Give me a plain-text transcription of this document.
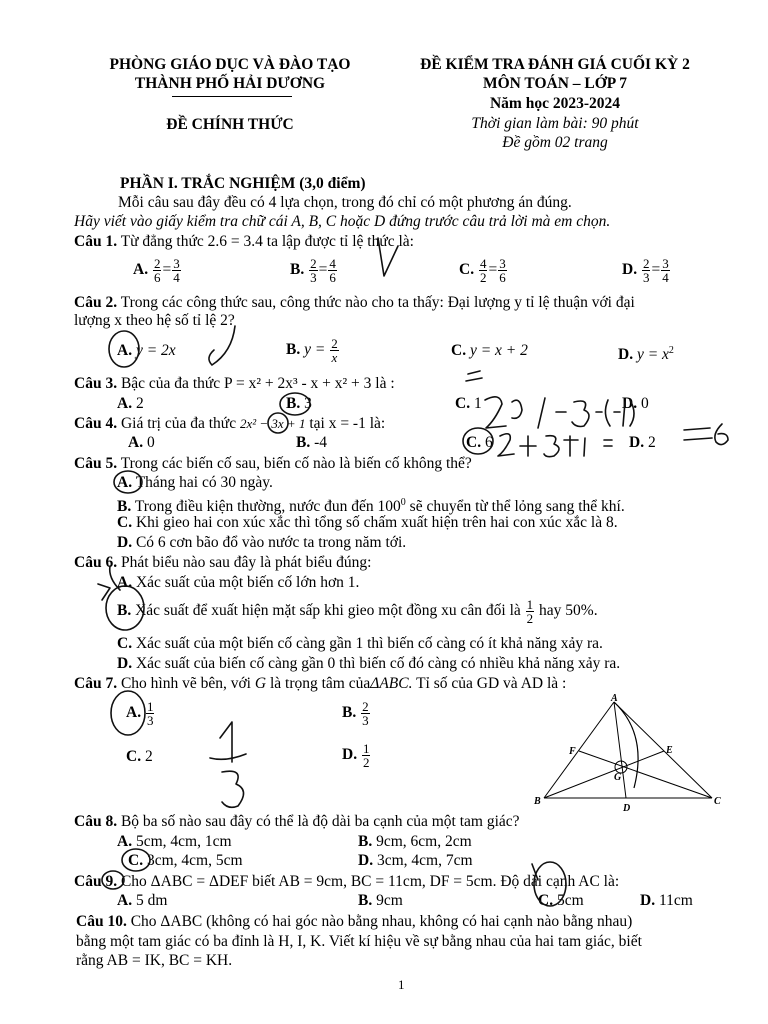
PHÒNG GIÁO DỤC VÀ ĐÀO TẠO
THÀNH PHỐ HẢI DƯƠNG
ĐỀ CHÍNH THỨC
ĐỀ KIỂM TRA ĐÁNH GIÁ CUỐI KỲ 2
MÔN TOÁN – LỚP 7
Năm học 2023-2024
Thời gian làm bài: 90 phút
Đề gồm 02 trang
PHẦN I. TRẮC NGHIỆM (3,0 điểm)
Mỗi câu sau đây đều có 4 lựa chọn, trong đó chỉ có một phương án đúng.
Hãy viết vào giấy kiểm tra chữ cái A, B, C hoặc D đứng trước câu trả lời mà em chọn.
Câu 1. Từ đẳng thức 2.6 = 3.4 ta lập được tỉ lệ thức là:
A. $\frac{2}{6} = \frac{3}{4}$	B. $\frac{2}{3} = \frac{4}{6}$	C. $\frac{4}{2} = \frac{3}{6}$	D. $\frac{2}{3} = \frac{3}{4}$
Câu 2. Trong các công thức sau, công thức nào cho ta thấy: Đại lượng y tỉ lệ thuận với đại
lượng x theo hệ số tỉ lệ 2?
A. y = 2x	B. $y = \frac{2}{x}$	C. y = x + 2	D. $y = x^2$
Câu 3. Bậc của đa thức P = x² + 2x³ - x + x² + 3 là :
A. 2	B. 3	C. 1	D. 0
Câu 4. Giá trị của đa thức 2x² − 3x + 1 tại x = -1 là:
A. 0	B. -4	C. 6	D. 2
Câu 5. Trong các biến cố sau, biến cố nào là biến cố không thể?
A. Tháng hai có 30 ngày.
B. Trong điều kiện thường, nước đun đến $100^0$ sẽ chuyển từ thể lỏng sang thể khí.
C. Khi gieo hai con xúc xắc thì tổng số chấm xuất hiện trên hai con xúc xắc là 8.
D. Có 6 cơn bão đổ vào nước ta trong năm tới.
Câu 6. Phát biểu nào sau đây là phát biểu đúng:
A. Xác suất của một biến cố lớn hơn 1.
B. Xác suất để xuất hiện mặt sấp khi gieo một đồng xu cân đối là $\frac{1}{2}$ hay 50%.
C. Xác suất của một biến cố càng gần 1 thì biến cố càng có ít khả năng xảy ra.
D. Xác suất của biến cố càng gần 0 thì biến cố đó càng có nhiều khả năng xảy ra.
Câu 7. Cho hình vẽ bên, với G là trọng tâm củaΔABC. Tỉ số của GD và AD là :
A. $\frac{1}{3}$	B. $\frac{2}{3}$
C. 2	D. $\frac{1}{2}$
A
B	C
D
E
F
G
Câu 8. Bộ ba số nào sau đây có thể là độ dài ba cạnh của một tam giác?
A. 5cm, 4cm, 1cm	B. 9cm, 6cm, 2cm
C. 3cm, 4cm, 5cm	D. 3cm, 4cm, 7cm
Câu 9. Cho ΔABC = ΔDEF biết AB = 9cm, BC = 11cm, DF = 5cm. Độ dài cạnh AC là:
A. 5 dm	B. 9cm	C. 5cm	D. 11cm
Câu 10. Cho ΔABC (không có hai góc nào bằng nhau, không có hai cạnh nào bằng nhau)
bằng một tam giác có ba đỉnh là H, I, K. Viết kí hiệu về sự bằng nhau của hai tam giác, biết
rằng AB = IK, BC = KH.
1
